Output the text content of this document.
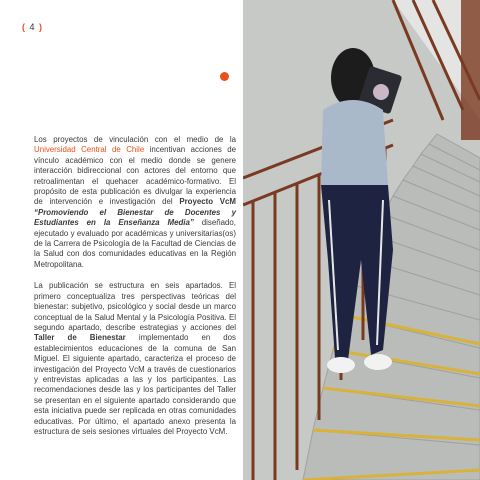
( 4 )

Los proyectos de vinculación con el medio de la Universidad Central de Chile incentivan acciones de vínculo académico con el medio donde se genere interacción bidireccional con actores del entorno que retroalimentan el quehacer académico-formativo. El propósito de esta publicación es divulgar la experiencia de intervención e investigación del Proyecto VcM “Promoviendo el Bienestar de Docentes y Estudiantes en la Enseñanza Media” diseñado, ejecutado y evaluado por académicas y universitarias(os) de la Carrera de Psicología de la Facultad de Ciencias de la Salud con dos comunidades educativas en la Región Metropolitana.

La publicación se estructura en seis apartados. El primero conceptualiza tres perspectivas teóricas del bienestar: subjetivo, psicológico y social desde un marco conceptual de la Salud Mental y la Psicología Positiva. El segundo apartado, describe estrategias y acciones del Taller de Bienestar implementado en dos establecimientos educaciones de la comuna de San Miguel. El siguiente apartado, caracteriza el proceso de investigación del Proyecto VcM a través de cuestionarios y entrevistas aplicadas a las y los participantes. Las recomendaciones desde las y los participantes del Taller se presentan en el siguiente apartado considerando que esta iniciativa puede ser replicada en otras comunidades educativas. Por último, el apartado anexo presenta la estructura de seis sesiones virtuales del Proyecto VcM.
